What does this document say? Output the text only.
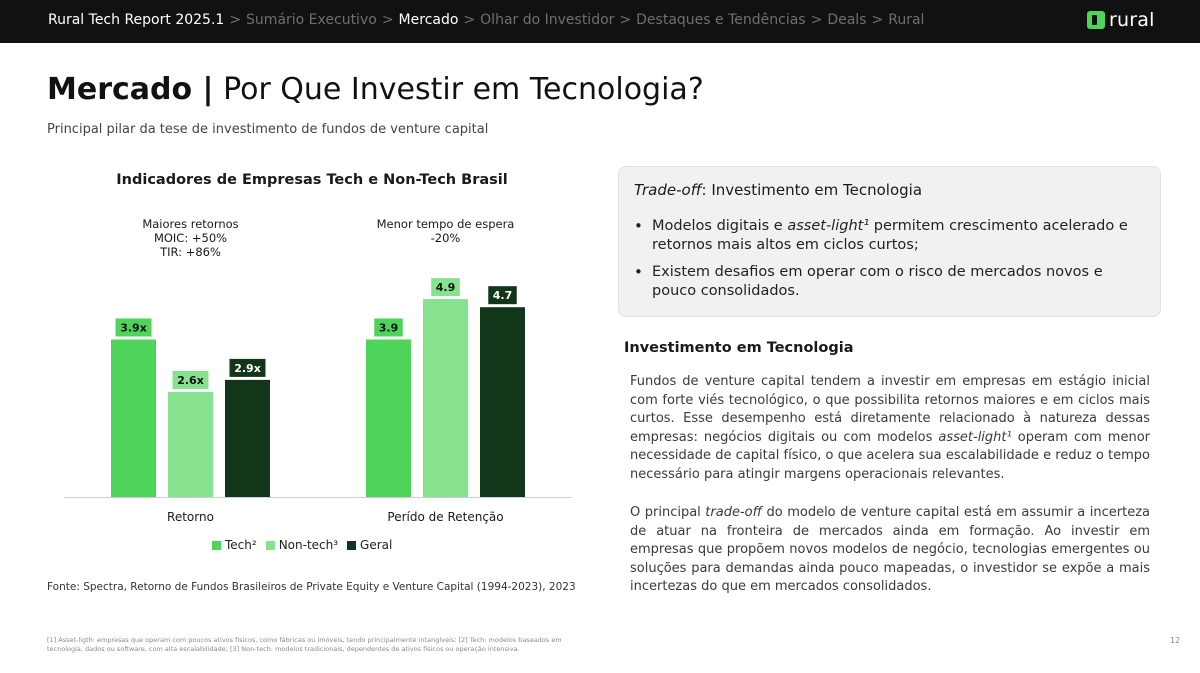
Rural Tech Report 2025.1 > Sumário Executivo > Mercado > Olhar do Investidor > Destaques e Tendências > Deals > Rural	rural
Mercado | Por Que Investir em Tecnologia?
Principal pilar da tese de investimento de fundos de venture capital
Indicadores de Empresas Tech e Non-Tech Brasil
Maiores retornos
MOIC: +50%
TIR: +86%
3.9x
2.6x
2.9x
Retorno
Menor tempo de espera
-20%
3.9
4.9
4.7
Perído de Retenção
Tech² Non-tech³ Geral
Fonte: Spectra, Retorno de Fundos Brasileiros de Private Equity e Venture Capital (1994-2023), 2023
[1] Asset-ligth: empresas que operam com poucos ativos físicos, como fábricas ou imóveis, tendo principalmente intangíveis; [2] Tech: modelos baseados em tecnologia, dados ou software, com alta escalabilidade; [3] Non-tech: modelos tradicionais, dependentes de ativos físicos ou operação intensiva.
12
Trade-off: Investimento em Tecnologia
• Modelos digitais e asset-light¹ permitem crescimento acelerado e retornos mais altos em ciclos curtos;
• Existem desafios em operar com o risco de mercados novos e pouco consolidados.
Investimento em Tecnologia
Fundos de venture capital tendem a investir em empresas em estágio inicial com forte viés tecnológico, o que possibilita retornos maiores e em ciclos mais curtos. Esse desempenho está diretamente relacionado à natureza dessas empresas: negócios digitais ou com modelos asset-light¹ operam com menor necessidade de capital físico, o que acelera sua escalabilidade e reduz o tempo necessário para atingir margens operacionais relevantes.
O principal trade-off do modelo de venture capital está em assumir a incerteza de atuar na fronteira de mercados ainda em formação. Ao investir em empresas que propõem novos modelos de negócio, tecnologias emergentes ou soluções para demandas ainda pouco mapeadas, o investidor se expõe a mais incertezas do que em mercados consolidados.
